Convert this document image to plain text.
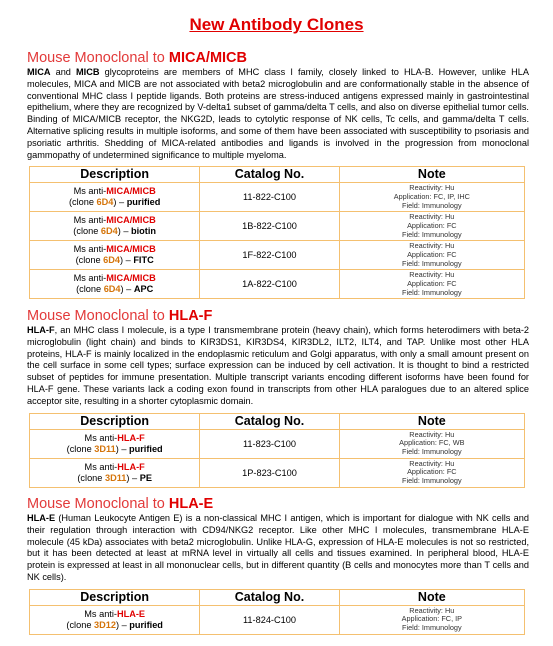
New Antibody Clones
Mouse Monoclonal to MICA/MICB

MICA and MICB glycoproteins are members of MHC class I family, closely linked to HLA-B. However, unlike HLA molecules, MICA and MICB are not associated with beta2 microglobulin and are conformationally stable in the absence of conventional MHC class I peptide ligands. Both proteins are stress-induced antigens expressed mainly in gastrointestinal epithelium, where they are recognized by V-delta1 subset of gamma/delta T cells, and also on diverse epithelial tumor cells. Binding of MICA/MICB receptor, the NKG2D, leads to cytolytic response of NK cells, Tc cells, and gamma/delta T cells. Alternative splicing results in multiple isoforms, and some of them have been associated with susceptibility to psoriasis and psoriatic arthritis. Shedding of MICA-related antibodies and ligands is involved in the progression from monoclonal gammopathy of undetermined significance to multiple myeloma.

Description	Catalog No.	Note
Ms anti-MICA/MICB
(clone 6D4) – purified	11-822-C100	Reactivity: Hu
Application: FC, IP, IHC
Field: Immunology
Ms anti-MICA/MICB
(clone 6D4) – biotin	1B-822-C100	Reactivity: Hu
Application: FC
Field: Immunology
Ms anti-MICA/MICB
(clone 6D4) – FITC	1F-822-C100	Reactivity: Hu
Application: FC
Field: Immunology
Ms anti-MICA/MICB
(clone 6D4) – APC	1A-822-C100	Reactivity: Hu
Application: FC
Field: Immunology
Mouse Monoclonal to HLA-F

HLA-F, an MHC class I molecule, is a type I transmembrane protein (heavy chain), which forms heterodimers with beta-2 microglobulin (light chain) and binds to KIR3DS1, KIR3DS4, KIR3DL2, ILT2, ILT4, and TAP. Unlike most other HLA proteins, HLA-F is mainly localized in the endoplasmic reticulum and Golgi apparatus, with only a small amount present on the cell surface in some cell types; surface expression can be induced by cell activation. It is thought to bind a restricted subset of peptides for immune presentation. Multiple transcript variants encoding different isoforms have been found for HLA-F gene. These variants lack a coding exon found in transcripts from other HLA paralogues due to an altered splice acceptor site, resulting in a shorter cytoplasmic domain.

Description	Catalog No.	Note
Ms anti-HLA-F
(clone 3D11) – purified	11-823-C100	Reactivity: Hu
Application: FC, WB
Field: Immunology
Ms anti-HLA-F
(clone 3D11) – PE	1P-823-C100	Reactivity: Hu
Application: FC
Field: Immunology
Mouse Monoclonal to HLA-E

HLA-E (Human Leukocyte Antigen E) is a non-classical MHC I antigen, which is important for dialogue with NK cells and their regulation through interaction with CD94/NKG2 receptor. Like other MHC I molecules, transmembrane HLA-E molecule (45 kDa) associates with beta2 microglobulin. Unlike HLA-G, expression of HLA-E molecules is not so restricted, but it has been detected at least at mRNA level in virtually all cells and tissues examined. In peripheral blood, HLA-E protein is expressed at least in all mononuclear cells, but in different quantity (B cells and monocytes more than T cells and NK cells).

Description	Catalog No.	Note
Ms anti-HLA-E
(clone 3D12) – purified	11-824-C100	Reactivity: Hu
Application: FC, IP
Field: Immunology
